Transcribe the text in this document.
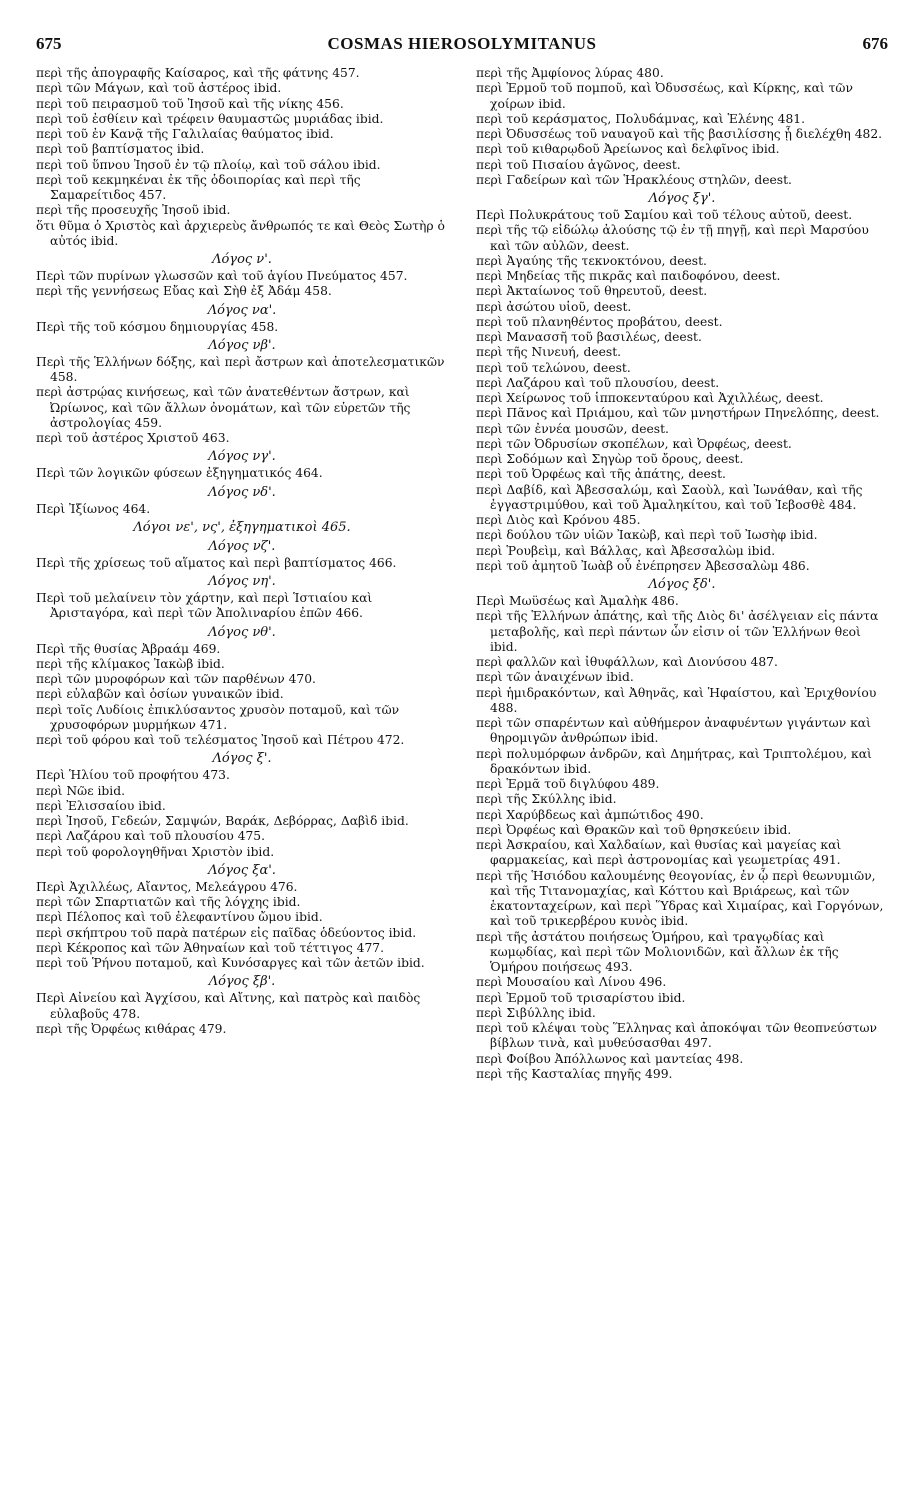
675	COSMAS HIEROSOLYMITANUS	676
περὶ τῆς ἀπογραφῆς Καίσαρος, καὶ τῆς φάτνης 457.
περὶ τῶν Μάγων, καὶ τοῦ ἀστέρος ibid.
περὶ τοῦ πειρασμοῦ τοῦ Ἰησοῦ καὶ τῆς νίκης 456.
περὶ τοῦ ἐσθίειν καὶ τρέφειν θαυμαστῶς μυριάδας ibid.
περὶ τοῦ ἐν Κανᾷ τῆς Γαλιλαίας θαύματος ibid.
περὶ τοῦ βαπτίσματος ibid.
περὶ τοῦ ὕπνου Ἰησοῦ ἐν τῷ πλοίῳ, καὶ τοῦ σάλου ibid.
περὶ τοῦ κεκμηκέναι ἐκ τῆς ὁδοιπορίας καὶ περὶ τῆς Σαμαρείτιδος 457.
περὶ τῆς προσευχῆς Ἰησοῦ ibid.
ὅτι θῦμα ὁ Χριστὸς καὶ ἀρχιερεὺς ἄνθρωπός τε καὶ Θεὸς Σωτὴρ ὁ αὐτός ibid.
Λόγος ν'.
Περὶ τῶν πυρίνων γλωσσῶν καὶ τοῦ ἁγίου Πνεύματος 457.
περὶ τῆς γεννήσεως Εὔας καὶ Σὴθ ἐξ Ἀδάμ 458.
Λόγος να'.
Περὶ τῆς τοῦ κόσμου δημιουργίας 458.
Λόγος νβ'.
Περὶ τῆς Ἑλλήνων δόξης, καὶ περὶ ἄστρων καὶ ἀποτελεσματικῶν 458.
περὶ ἀστρῴας κινήσεως, καὶ τῶν ἀνατεθέντων ἄστρων, καὶ Ὠρίωνος, καὶ τῶν ἄλλων ὀνομάτων, καὶ τῶν εὑρετῶν τῆς ἀστρολογίας 459.
περὶ τοῦ ἀστέρος Χριστοῦ 463.
Λόγος νγ'.
Περὶ τῶν λογικῶν φύσεων ἐξηγηματικός 464.
Λόγος νδ'.
Περὶ Ἰξίωνος 464.
Λόγοι νε', νς', ἐξηγηματικοὶ 465.
Λόγος νζ'.
Περὶ τῆς χρίσεως τοῦ αἵματος καὶ περὶ βαπτίσματος 466.
Λόγος νη'.
Περὶ τοῦ μελαίνειν τὸν χάρτην, καὶ περὶ Ἱστιαίου καὶ Ἀρισταγόρα, καὶ περὶ τῶν Ἀπολιναρίου ἐπῶν 466.
Λόγος νθ'.
Περὶ τῆς θυσίας Ἀβραάμ 469.
περὶ τῆς κλίμακος Ἰακὼβ ibid.
περὶ τῶν μυροφόρων καὶ τῶν παρθένων 470.
περὶ εὐλαβῶν καὶ ὁσίων γυναικῶν ibid.
περὶ τοῖς Λυδίοις ἐπικλύσαντος χρυσὸν ποταμοῦ, καὶ τῶν χρυσοφόρων μυρμήκων 471.
περὶ τοῦ φόρου καὶ τοῦ τελέσματος Ἰησοῦ καὶ Πέτρου 472.
Λόγος ξ'.
Περὶ Ἡλίου τοῦ προφήτου 473.
περὶ Νῶε ibid.
περὶ Ἐλισσαίου ibid.
περὶ Ἰησοῦ, Γεδεών, Σαμψών, Βαράκ, Δεβόρρας, Δαβὶδ ibid.
περὶ Λαζάρου καὶ τοῦ πλουσίου 475.
περὶ τοῦ φορολογηθῆναι Χριστὸν ibid.
Λόγος ξα'.
Περὶ Ἀχιλλέως, Αἴαντος, Μελεάγρου 476.
περὶ τῶν Σπαρτιατῶν καὶ τῆς λόγχης ibid.
περὶ Πέλοπος καὶ τοῦ ἐλεφαντίνου ὤμου ibid.
περὶ σκήπτρου τοῦ παρὰ πατέρων εἰς παῖδας ὁδεύοντος ibid.
περὶ Κέκροπος καὶ τῶν Ἀθηναίων καὶ τοῦ τέττιγος 477.
περὶ τοῦ Ῥήνου ποταμοῦ, καὶ Κυνόσαργες καὶ τῶν ἀετῶν ibid.
Λόγος ξβ'.
Περὶ Αἰνείου καὶ Ἀγχίσου, καὶ Αἴτνης, καὶ πατρὸς καὶ παιδὸς εὐλαβοῦς 478.
περὶ τῆς Ὀρφέως κιθάρας 479.
περὶ τῆς Ἀμφίονος λύρας 480.
περὶ Ἑρμοῦ τοῦ πομποῦ, καὶ Ὀδυσσέως, καὶ Κίρκης, καὶ τῶν χοίρων ibid.
περὶ τοῦ κεράσματος, Πολυδάμνας, καὶ Ἑλένης 481.
περὶ Ὀδυσσέως τοῦ ναυαγοῦ καὶ τῆς βασιλίσσης ᾗ διελέχθη 482.
περὶ τοῦ κιθαρῳδοῦ Ἀρείωνος καὶ δελφῖνος ibid.
περὶ τοῦ Πισαίου ἀγῶνος, deest.
περὶ Γαδείρων καὶ τῶν Ἡρακλέους στηλῶν, deest.
Λόγος ξγ'.
Περὶ Πολυκράτους τοῦ Σαμίου καὶ τοῦ τέλους αὐτοῦ, deest.
περὶ τῆς τῷ εἰδώλῳ ἀλούσης τῷ ἐν τῇ πηγῇ, καὶ περὶ Μαρσύου καὶ τῶν αὐλῶν, deest.
περὶ Ἀγαύης τῆς τεκνοκτόνου, deest.
περὶ Μηδείας τῆς πικρᾶς καὶ παιδοφόνου, deest.
περὶ Ἀκταίωνος τοῦ θηρευτοῦ, deest.
περὶ ἀσώτου υἱοῦ, deest.
περὶ τοῦ πλανηθέντος προβάτου, deest.
περὶ Μανασσῆ τοῦ βασιλέως, deest.
περὶ τῆς Νινευή, deest.
περὶ τοῦ τελώνου, deest.
περὶ Λαζάρου καὶ τοῦ πλουσίου, deest.
περὶ Χείρωνος τοῦ ἱπποκενταύρου καὶ Ἀχιλλέως, deest.
περὶ Πᾶνος καὶ Πριάμου, καὶ τῶν μνηστήρων Πηνελόπης, deest.
περὶ τῶν ἐννέα μουσῶν, deest.
περὶ τῶν Ὀδρυσίων σκοπέλων, καὶ Ὀρφέως, deest.
περὶ Σοδόμων καὶ Σηγὼρ τοῦ ὄρους, deest.
περὶ τοῦ Ὀρφέως καὶ τῆς ἀπάτης, deest.
περὶ Δαβίδ, καὶ Ἀβεσσαλώμ, καὶ Σαοὺλ, καὶ Ἰωνάθαν, καὶ τῆς ἐγγαστριμύθου, καὶ τοῦ Ἀμαληκίτου, καὶ τοῦ Ἰεβοσθὲ 484.
περὶ Διὸς καὶ Κρόνου 485.
περὶ δούλου τῶν υἱῶν Ἰακὼβ, καὶ περὶ τοῦ Ἰωσὴφ ibid.
περὶ Ῥουβεὶμ, καὶ Βάλλας, καὶ Ἀβεσσαλὼμ ibid.
περὶ τοῦ ἀμητοῦ Ἰωὰβ οὗ ἐνέπρησεν Ἀβεσσαλὼμ 486.
Λόγος ξδ'.
Περὶ Μωϋσέως καὶ Ἀμαλὴκ 486.
περὶ τῆς Ἑλλήνων ἀπάτης, καὶ τῆς Διὸς δι' ἀσέλγειαν εἰς πάντα μεταβολῆς, καὶ περὶ πάντων ὧν εἰσιν οἱ τῶν Ἑλλήνων θεοὶ ibid.
περὶ φαλλῶν καὶ ἰθυφάλλων, καὶ Διονύσου 487.
περὶ τῶν ἀναιχένων ibid.
περὶ ἡμιδρακόντων, καὶ Ἀθηνᾶς, καὶ Ἡφαίστου, καὶ Ἐριχθονίου 488.
περὶ τῶν σπαρέντων καὶ αὐθήμερον ἀναφυέντων γιγάντων καὶ θηρομιγῶν ἀνθρώπων ibid.
περὶ πολυμόρφων ἀνδρῶν, καὶ Δημήτρας, καὶ Τριπτολέμου, καὶ δρακόντων ibid.
περὶ Ἑρμᾶ τοῦ διγλύφου 489.
περὶ τῆς Σκύλλης ibid.
περὶ Χαρύβδεως καὶ ἀμπώτιδος 490.
περὶ Ὀρφέως καὶ Θρακῶν καὶ τοῦ θρησκεύειν ibid.
περὶ Ἀσκραίου, καὶ Χαλδαίων, καὶ θυσίας καὶ μαγείας καὶ φαρμακείας, καὶ περὶ ἀστρονομίας καὶ γεωμετρίας 491.
περὶ τῆς Ἡσιόδου καλουμένης θεογονίας, ἐν ᾧ περὶ θεωνυμιῶν, καὶ τῆς Τιτανομαχίας, καὶ Κόττου καὶ Βριάρεως, καὶ τῶν ἑκατονταχείρων, καὶ περὶ Ὕδρας καὶ Χιμαίρας, καὶ Γοργόνων, καὶ τοῦ τρικερβέρου κυνὸς ibid.
περὶ τῆς ἀστάτου ποιήσεως Ὁμήρου, καὶ τραγῳδίας καὶ κωμῳδίας, καὶ περὶ τῶν Μολιονιδῶν, καὶ ἄλλων ἐκ τῆς Ὁμήρου ποιήσεως 493.
περὶ Μουσαίου καὶ Λίνου 496.
περὶ Ἑρμοῦ τοῦ τρισαρίστου ibid.
περὶ Σιβύλλης ibid.
περὶ τοῦ κλέψαι τοὺς Ἕλληνας καὶ ἀποκόψαι τῶν θεοπνεύστων βίβλων τινὰ, καὶ μυθεύσασθαι 497.
περὶ Φοίβου Ἀπόλλωνος καὶ μαντείας 498.
περὶ τῆς Κασταλίας πηγῆς 499.
